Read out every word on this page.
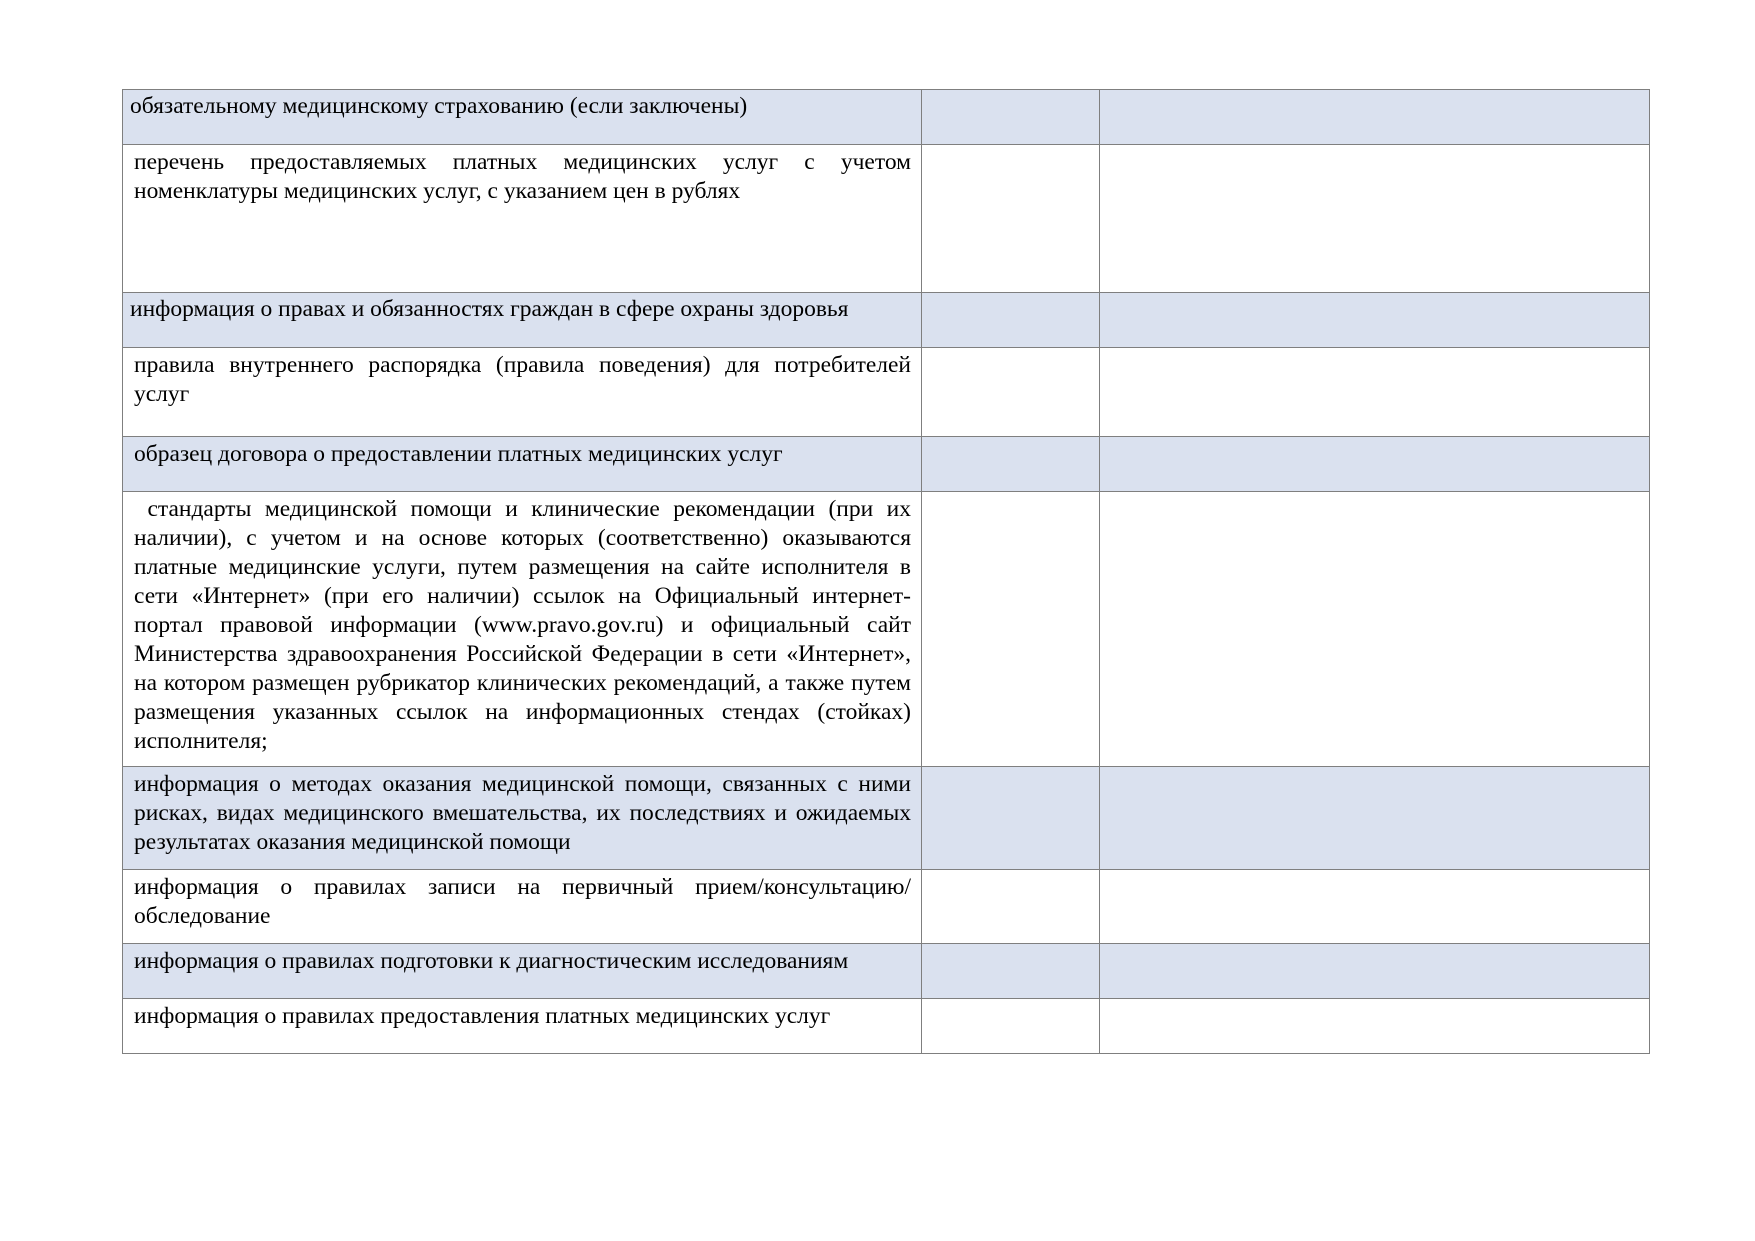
обязательному медицинскому страхованию (если заключены)		

перечень предоставляемых платных медицинских услуг с учетом номенклатуры медицинских услуг, с указанием цен в рублях		

информация о правах и обязанностях граждан в сфере охраны здоровья		

правила внутреннего распорядка (правила поведения) для потребителей услуг		

образец договора о предоставлении платных медицинских услуг		

стандарты медицинской помощи и клинические рекомендации (при их наличии), с учетом и на основе которых (соответственно) оказываются платные медицинские услуги, путем размещения на сайте исполнителя в сети «Интернет» (при его наличии) ссылок на Официальный интернет-портал правовой информации (www.pravo.gov.ru) и официальный сайт Министерства здравоохранения Российской Федерации в сети «Интернет», на котором размещен рубрикатор клинических рекомендаций, а также путем размещения указанных ссылок на информационных стендах (стойках) исполнителя;		

информация о методах оказания медицинской помощи, связанных с ними рисках, видах медицинского вмешательства, их последствиях и ожидаемых результатах оказания медицинской помощи		

информация о правилах записи на первичный прием/консультацию/обследование		

информация о правилах подготовки к диагностическим исследованиям		

информация о правилах предоставления платных медицинских услуг		
